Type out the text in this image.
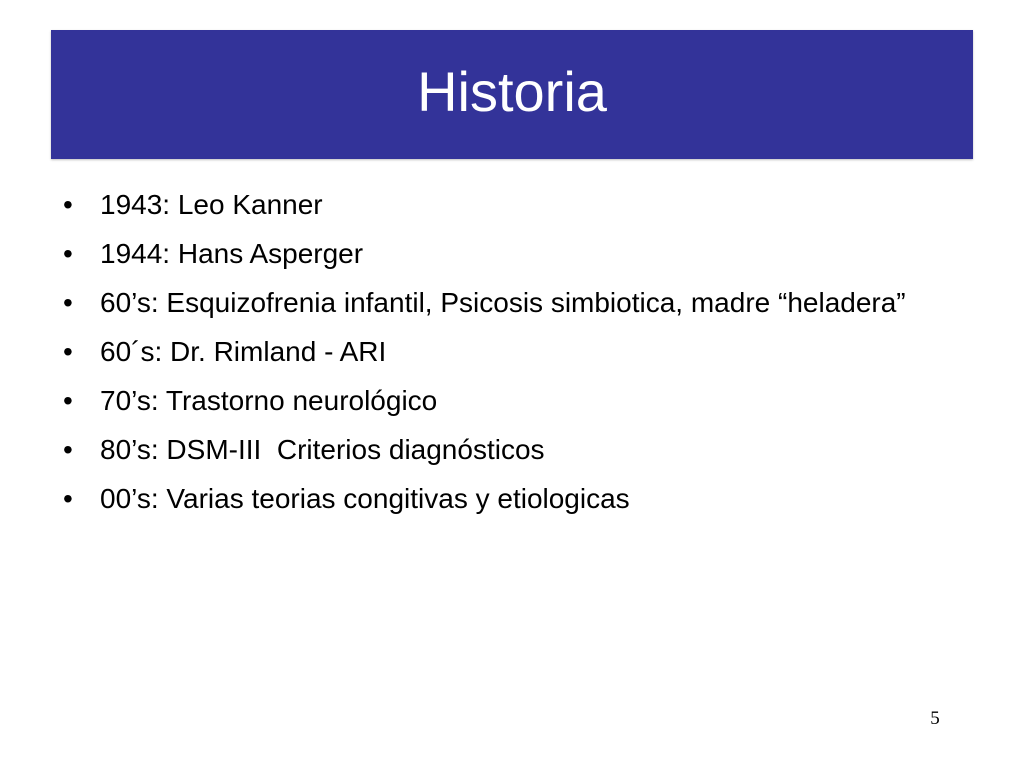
Historia
• 1943: Leo Kanner
• 1944: Hans Asperger
• 60’s: Esquizofrenia infantil, Psicosis simbiotica, madre “heladera”
• 60´s: Dr. Rimland - ARI
• 70’s: Trastorno neurológico
• 80’s: DSM-III  Criterios diagnósticos
• 00’s: Varias teorias congitivas y etiologicas
5
